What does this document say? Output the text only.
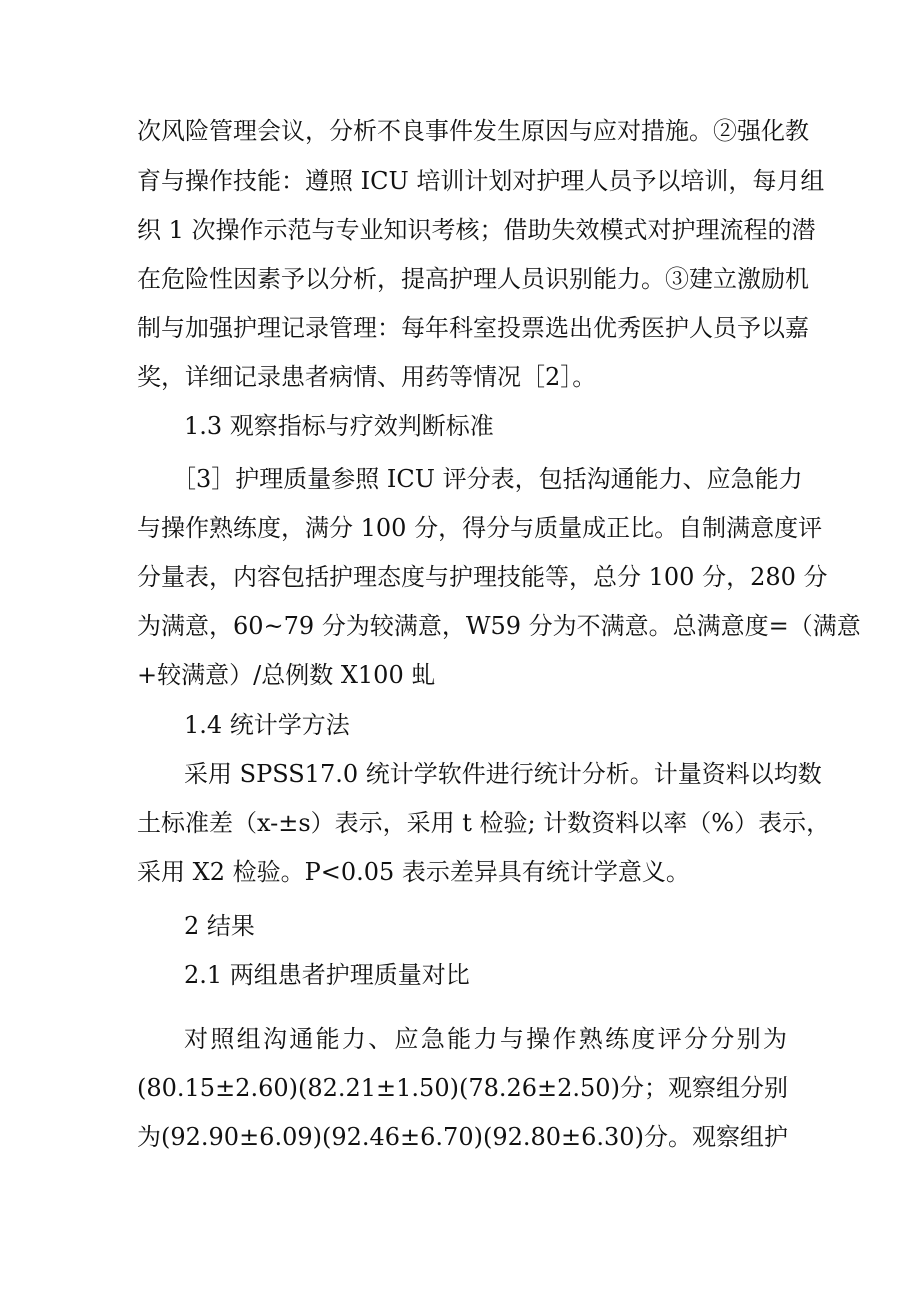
次风险管理会议，分析不良事件发生原因与应对措施。②强化教
育与操作技能：遵照 ICU 培训计划对护理人员予以培训，每月组
织 1 次操作示范与专业知识考核；借助失效模式对护理流程的潜
在危险性因素予以分析，提高护理人员识别能力。③建立激励机
制与加强护理记录管理：每年科室投票选出优秀医护人员予以嘉
奖，详细记录患者病情、用药等情况［2］。
1.3 观察指标与疗效判断标准
［3］护理质量参照 ICU 评分表，包括沟通能力、应急能力
与操作熟练度，满分 100 分，得分与质量成正比。自制满意度评
分量表，内容包括护理态度与护理技能等，总分 100 分，280 分
为满意，60~79 分为较满意，W59 分为不满意。总满意度=（满意
+较满意）/总例数 X100 虬
1.4 统计学方法
采用 SPSS17.0 统计学软件进行统计分析。计量资料以均数
土标准差（x-±s）表示，采用 t 检验; 计数资料以率（%）表示，
采用 X2 检验。P<0.05 表示差异具有统计学意义。
2 结果
2.1 两组患者护理质量对比
对照组沟通能力、应急能力与操作熟练度评分分别为
(80.15±2.60)(82.21±1.50)(78.26±2.50)分；观察组分别
为(92.90±6.09)(92.46±6.70)(92.80±6.30)分。观察组护
